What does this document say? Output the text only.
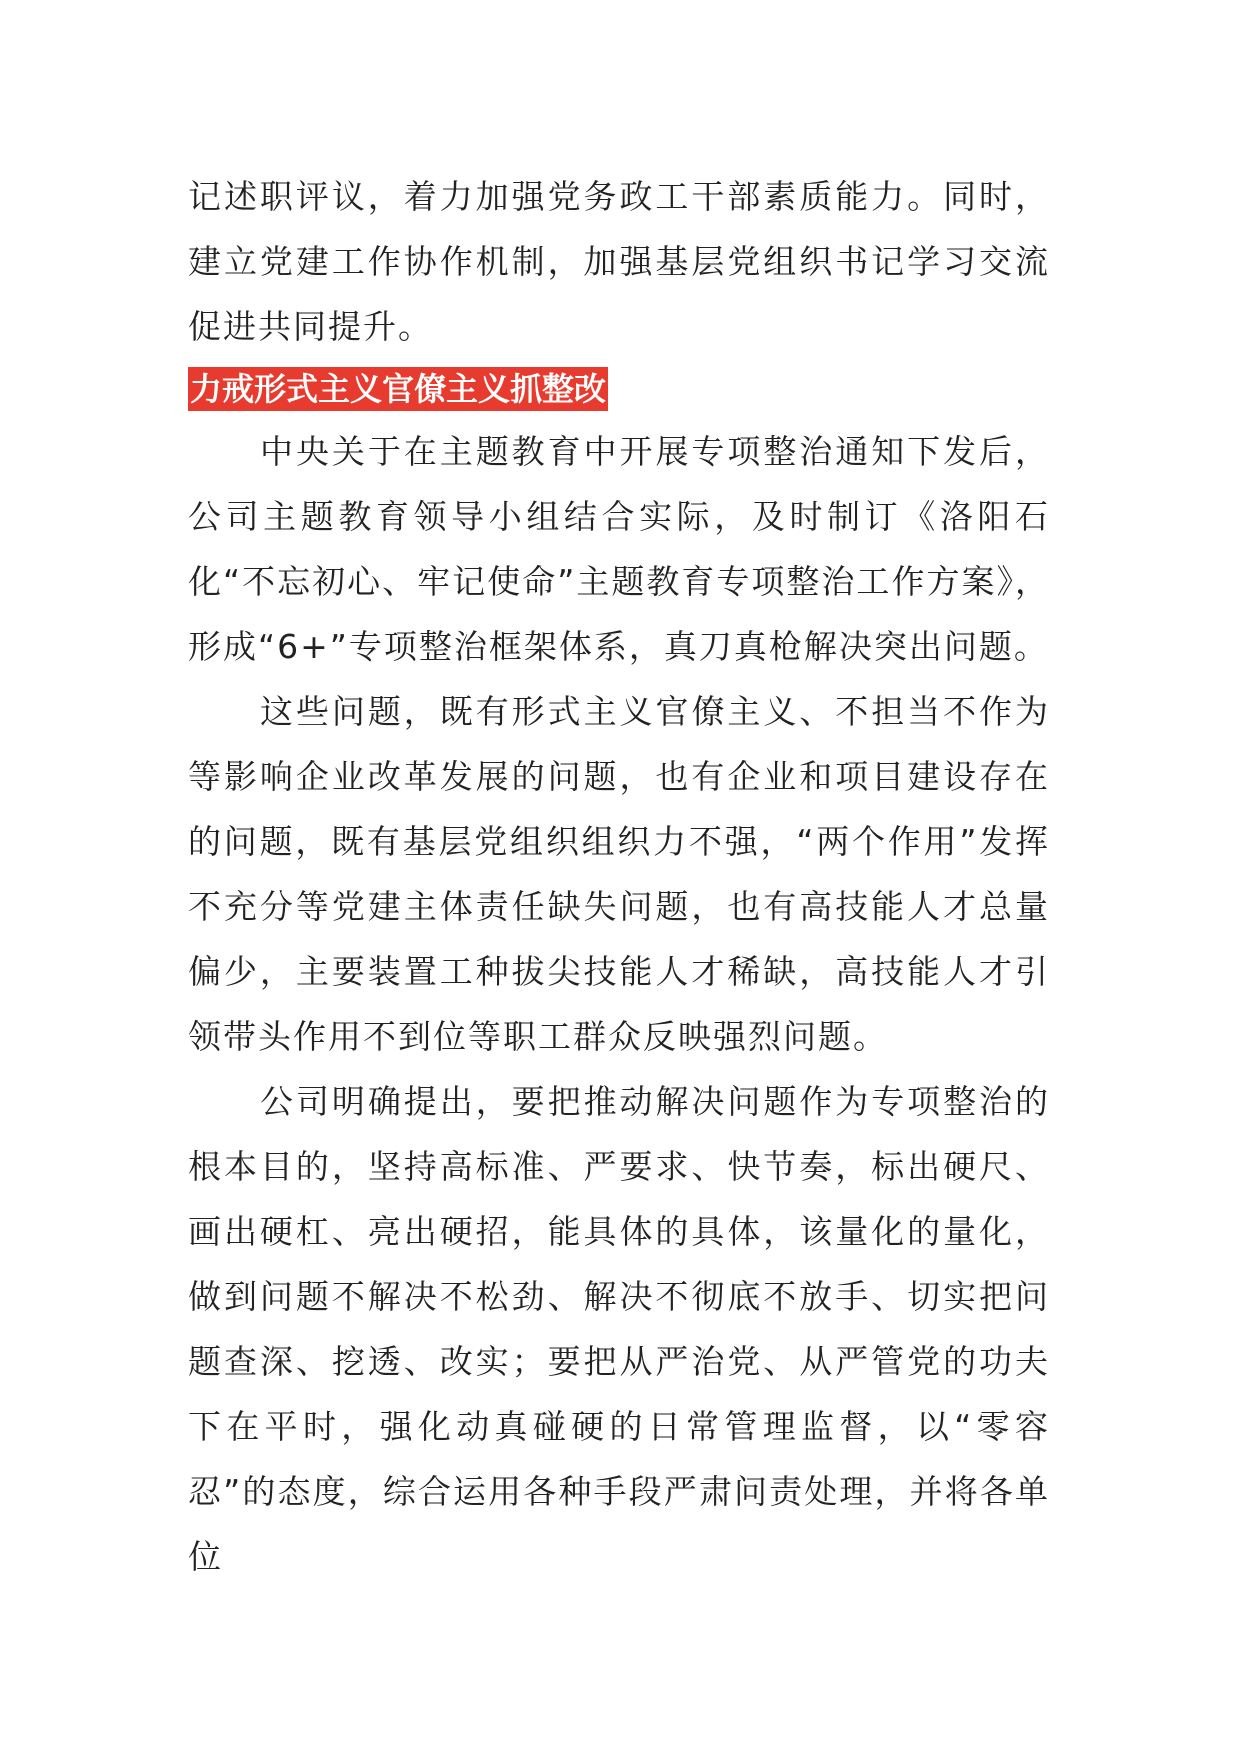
记述职评议，着力加强党务政工干部素质能力。同时，建立党建工作协作机制，加强基层党组织书记学习交流促进共同提升。

力戒形式主义官僚主义抓整改

中央关于在主题教育中开展专项整治通知下发后，公司主题教育领导小组结合实际，及时制订《洛阳石化“不忘初心、牢记使命”主题教育专项整治工作方案》，形成“6+”专项整治框架体系，真刀真枪解决突出问题。

这些问题，既有形式主义官僚主义、不担当不作为等影响企业改革发展的问题，也有企业和项目建设存在的问题，既有基层党组织组织力不强，“两个作用”发挥不充分等党建主体责任缺失问题，也有高技能人才总量偏少，主要装置工种拔尖技能人才稀缺，高技能人才引领带头作用不到位等职工群众反映强烈问题。

公司明确提出，要把推动解决问题作为专项整治的根本目的，坚持高标准、严要求、快节奏，标出硬尺、画出硬杠、亮出硬招，能具体的具体，该量化的量化，做到问题不解决不松劲、解决不彻底不放手、切实把问题查深、挖透、改实；要把从严治党、从严管党的功夫下在平时，强化动真碰硬的日常管理监督，以“零容忍”的态度，综合运用各种手段严肃问责处理，并将各单位
